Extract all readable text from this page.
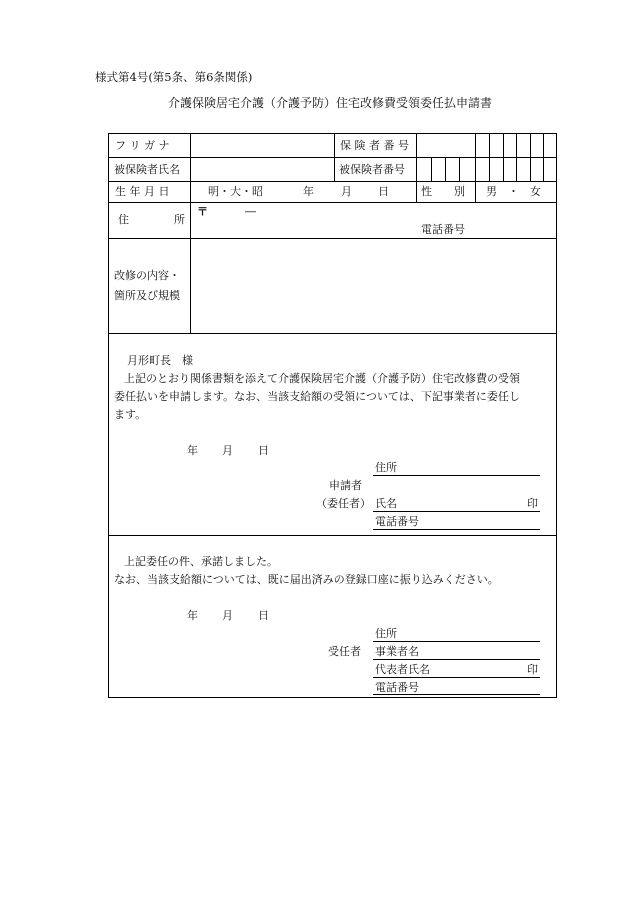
様式第4号(第5条、第6条関係)
介護保険居宅介護（介護予防）住宅改修費受領委任払申請書
フ リ ガ ナ	保 険 者 番 号
被保険者氏名	被保険者番号
生 年 月 日	明・大・昭	年 月 日	性　　別 男　・　女
住	所
〒	―
電話番号
改修の内容・
箇所及び規模
月形町長　様
上記のとおり関係書類を添えて介護保険居宅介護（介護予防）住宅改修費の受領
委任払いを申請します。なお、当該支給額の受領については、下記事業者に委任し
ます。
年 月 日
住所
申請者
（委任者） 氏名	印
電話番号
上記委任の件、承諾しました。
なお、当該支給額については、既に届出済みの登録口座に振り込みください。
年 月 日
住所
受任者 事業者名
代表者氏名	印
電話番号
